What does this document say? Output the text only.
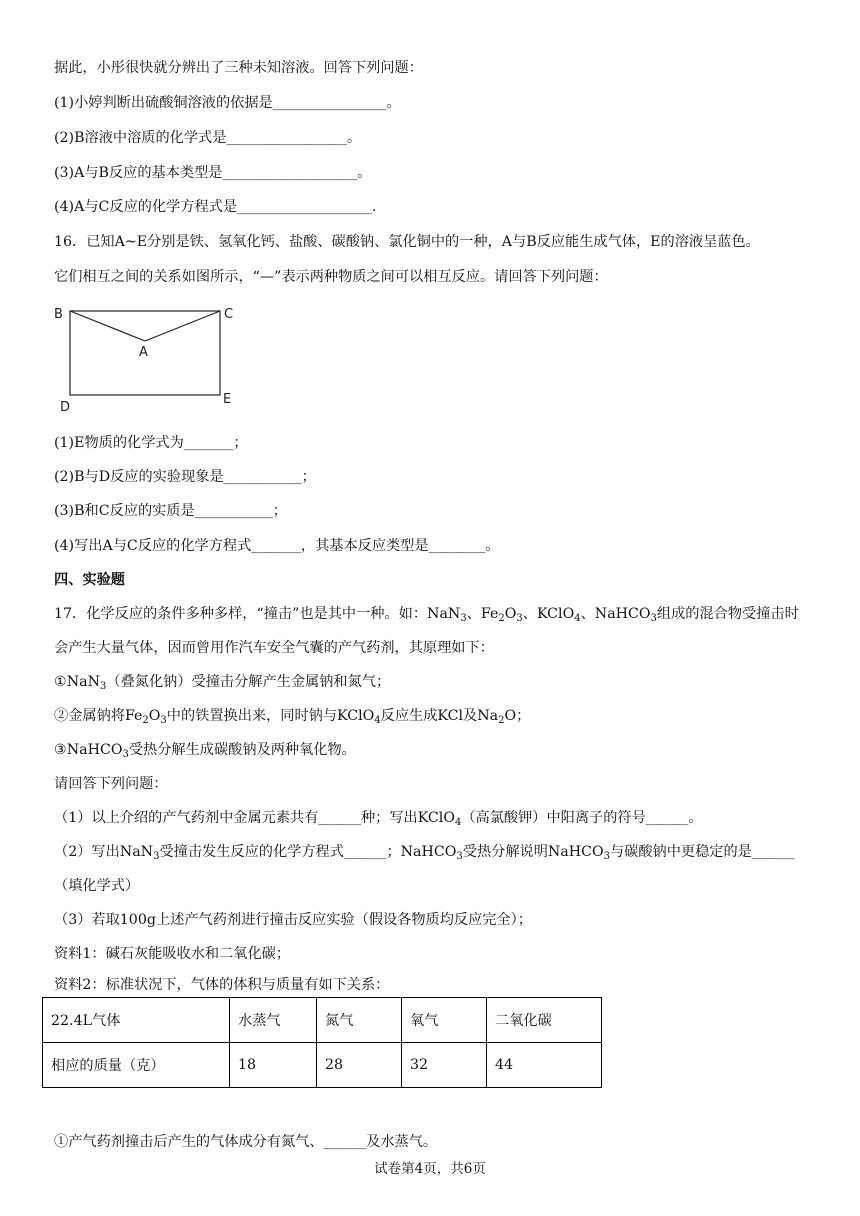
据此，小彤很快就分辨出了三种未知溶液。回答下列问题：
(1)小婷判断出硫酸铜溶液的依据是________________。
(2)B溶液中溶质的化学式是_________________。
(3)A与B反应的基本类型是___________________。
(4)A与C反应的化学方程式是___________________.
16．已知A~E分别是铁、氢氧化钙、盐酸、碳酸钠、氯化铜中的一种，A与B反应能生成气体，E的溶液呈蓝色。
它们相互之间的关系如图所示，“—”表示两种物质之间可以相互反应。请回答下列问题：
B	C
A
D
E
(1)E物质的化学式为_______；
(2)B与D反应的实验现象是___________；
(3)B和C反应的实质是___________；
(4)写出A与C反应的化学方程式_______，其基本反应类型是________。
四、实验题
17．化学反应的条件多种多样，“撞击”也是其中一种。如：NaN$_3$、$Fe_2O_3$、KClO$_4$、NaHCO$_3$组成的混合物受撞击时
会产生大量气体，因而曾用作汽车安全气囊的产气药剂，其原理如下：
①NaN$_3$（叠氮化钠）受撞击分解产生金属钠和氮气；
②金属钠将$Fe_2O_3$中的铁置换出来，同时钠与KClO$_4$反应生成KCl及$Na_2O$；
③NaHCO$_3$受热分解生成碳酸钠及两种氧化物。
请回答下列问题：
（1）以上介绍的产气药剂中金属元素共有______种；写出KClO$_4$（高氯酸钾）中阳离子的符号______。
（2）写出NaN$_3$受撞击发生反应的化学方程式______；NaHCO$_3$受热分解说明NaHCO$_3$与碳酸钠中更稳定的是______
（填化学式）
（3）若取100g上述产气药剂进行撞击反应实验（假设各物质均反应完全）；
资料1：碱石灰能吸收水和二氧化碳；
资料2：标准状况下，气体的体积与质量有如下关系：
22.4L气体	水蒸气	氮气	氧气	二氧化碳
相应的质量（克）	18	28	32	44
①产气药剂撞击后产生的气体成分有氮气、______及水蒸气。
试卷第4页，共6页
